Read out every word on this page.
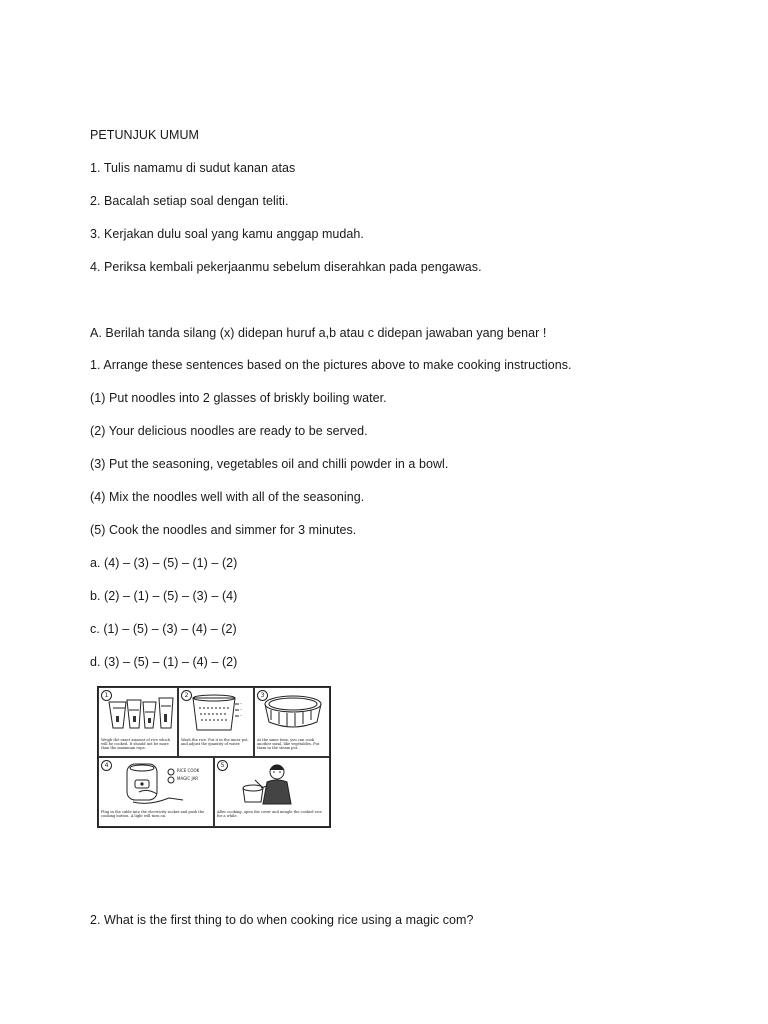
PETUNJUK UMUM
1. Tulis namamu di sudut kanan atas
2. Bacalah setiap soal dengan teliti.
3. Kerjakan dulu soal yang kamu anggap mudah.
4. Periksa kembali pekerjaanmu sebelum diserahkan pada pengawas.
A. Berilah tanda silang (x) didepan huruf a,b atau c didepan jawaban yang benar !
1. Arrange these sentences based on the pictures above to make cooking instructions.
(1) Put noodles into 2 glasses of briskly boiling water.
(2) Your delicious noodles are ready to be served.
(3) Put the seasoning, vegetables oil and chilli powder in a bowl.
(4) Mix the noodles well with all of the seasoning.
(5) Cook the noodles and simmer for 3 minutes.
a. (4) – (3) – (5) – (1) – (2)
b. (2) – (1) – (5) – (3) – (4)
c. (1) – (5) – (3) – (4) – (2)
d. (3) – (5) – (1) – (4) – (2)
1
Weigh the exact amount of rice which will be cooked. It should not be more than the maximum rope.
2
··
··
··
Wash the rice. Put it in the inner pot, and adjust the quantity of water.
3
At the same time, you can cook another meal, like vegetables. Put them in the steam pot.
4
RICE COOK
MAGIC JAR
Plug in the cable into the electricity socket and push the cooking button. A light will turn on.
5
After cooking, open the cover and mingle the cooked rice for a while.
2. What is the first thing to do when cooking rice using a magic com?
